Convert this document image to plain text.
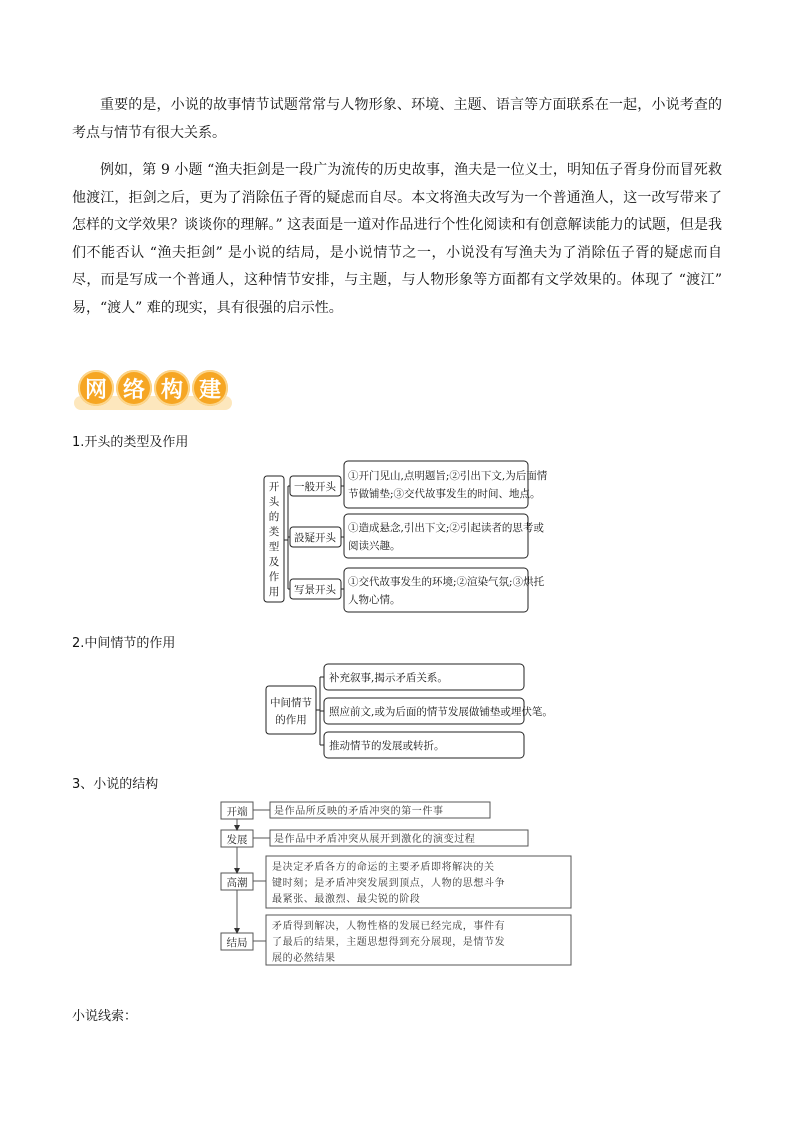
重要的是，小说的故事情节试题常常与人物形象、环境、主题、语言等方面联系在一起，小说考查的考点与情节有很大关系。

例如，第 9 小题 “渔夫拒剑是一段广为流传的历史故事，渔夫是一位义士，明知伍子胥身份而冒死救他渡江，拒剑之后，更为了消除伍子胥的疑虑而自尽。本文将渔夫改写为一个普通渔人，这一改写带来了怎样的文学效果？谈谈你的理解。” 这表面是一道对作品进行个性化阅读和有创意解读能力的试题，但是我们不能否认 “渔夫拒剑” 是小说的结局，是小说情节之一，小说没有写渔夫为了消除伍子胥的疑虑而自尽，而是写成一个普通人，这种情节安排，与主题，与人物形象等方面都有文学效果的。体现了 “渡江” 易，“渡人” 难的现实，具有很强的启示性。

网 络 构 建
1.开头的类型及作用
2.中间情节的作用
3、小说的结构
小说线索：
开
头
的
类
型
及
作
用
一般开头
設疑开头
写景开头
①开门见山,点明题旨;②引出下文,为后面情
节做铺垫;③交代故事发生的时间、地点。
①造成悬念,引出下文;②引起读者的思考或
阅读兴趣。
①交代故事发生的环境;②渲染气氛;③烘托
人物心情。
中间情节
的作用
补充叙事,揭示矛盾关系。
照应前文,或为后面的情节发展做铺垫或埋伏笔。
推动情节的发展或转折。
开端
发展
高潮
结局
是作品所反映的矛盾冲突的第一件事
是作品中矛盾冲突从展开到激化的演变过程
是决定矛盾各方的命运的主要矛盾即将解决的关
键时刻；是矛盾冲突发展到顶点，人物的思想斗争
最紧张、最激烈、最尖锐的阶段
矛盾得到解决，人物性格的发展已经完成，事件有
了最后的结果，主题思想得到充分展现，是情节发
展的必然结果
